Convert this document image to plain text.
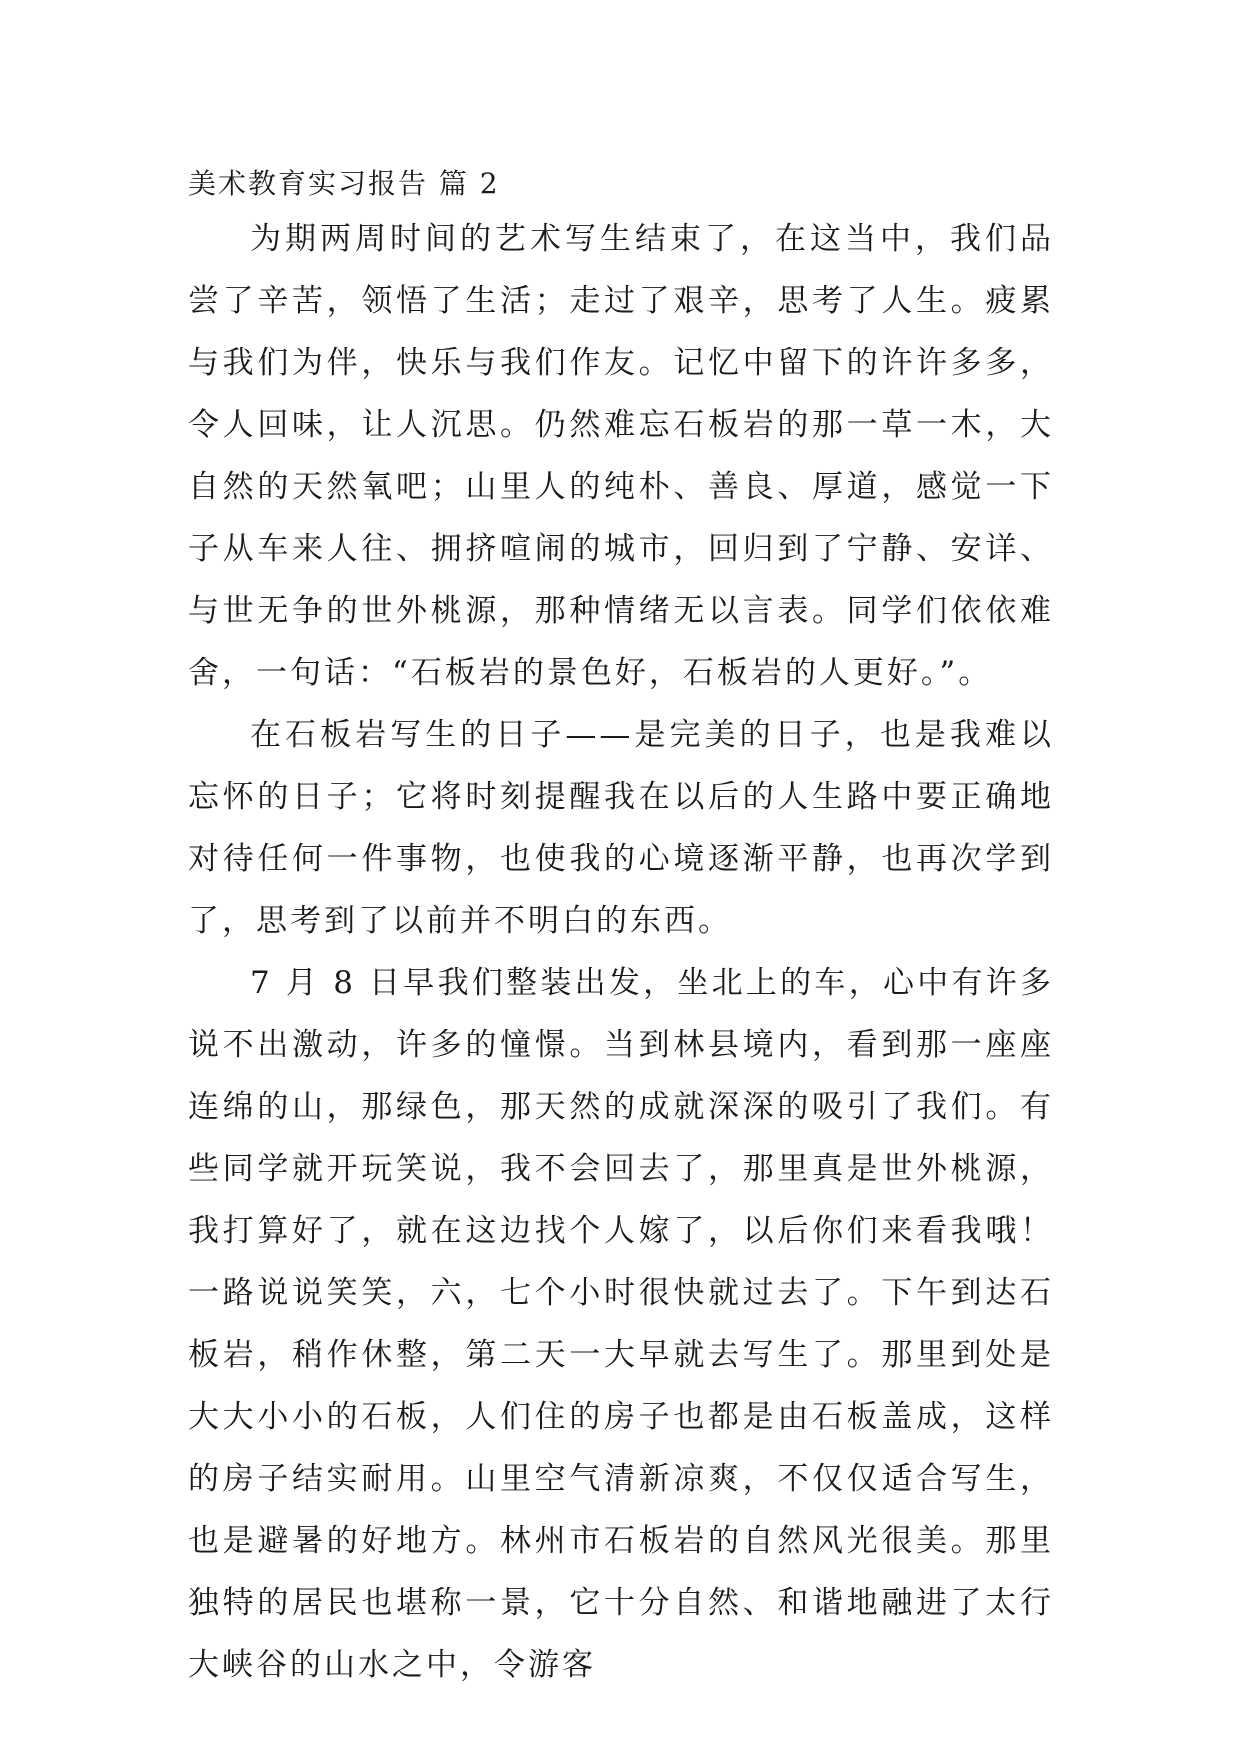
美术教育实习报告 篇 2

为期两周时间的艺术写生结束了，在这当中，我们品尝了辛苦，领悟了生活；走过了艰辛，思考了人生。疲累与我们为伴，快乐与我们作友。记忆中留下的许许多多，令人回味，让人沉思。仍然难忘石板岩的那一草一木，大自然的天然氧吧；山里人的纯朴、善良、厚道，感觉一下子从车来人往、拥挤喧闹的城市，回归到了宁静、安详、与世无争的世外桃源，那种情绪无以言表。同学们依依难舍，一句话：“石板岩的景色好，石板岩的人更好。”。

在石板岩写生的日子——是完美的日子，也是我难以忘怀的日子；它将时刻提醒我在以后的人生路中要正确地对待任何一件事物，也使我的心境逐渐平静，也再次学到了，思考到了以前并不明白的东西。

7 月 8 日早我们整装出发，坐北上的车，心中有许多说不出激动，许多的憧憬。当到林县境内，看到那一座座连绵的山，那绿色，那天然的成就深深的吸引了我们。有些同学就开玩笑说，我不会回去了，那里真是世外桃源，我打算好了，就在这边找个人嫁了，以后你们来看我哦！一路说说笑笑，六，七个小时很快就过去了。下午到达石板岩，稍作休整，第二天一大早就去写生了。那里到处是大大小小的石板，人们住的房子也都是由石板盖成，这样的房子结实耐用。山里空气清新凉爽，不仅仅适合写生，也是避暑的好地方。林州市石板岩的自然风光很美。那里独特的居民也堪称一景，它十分自然、和谐地融进了太行大峡谷的山水之中，令游客
